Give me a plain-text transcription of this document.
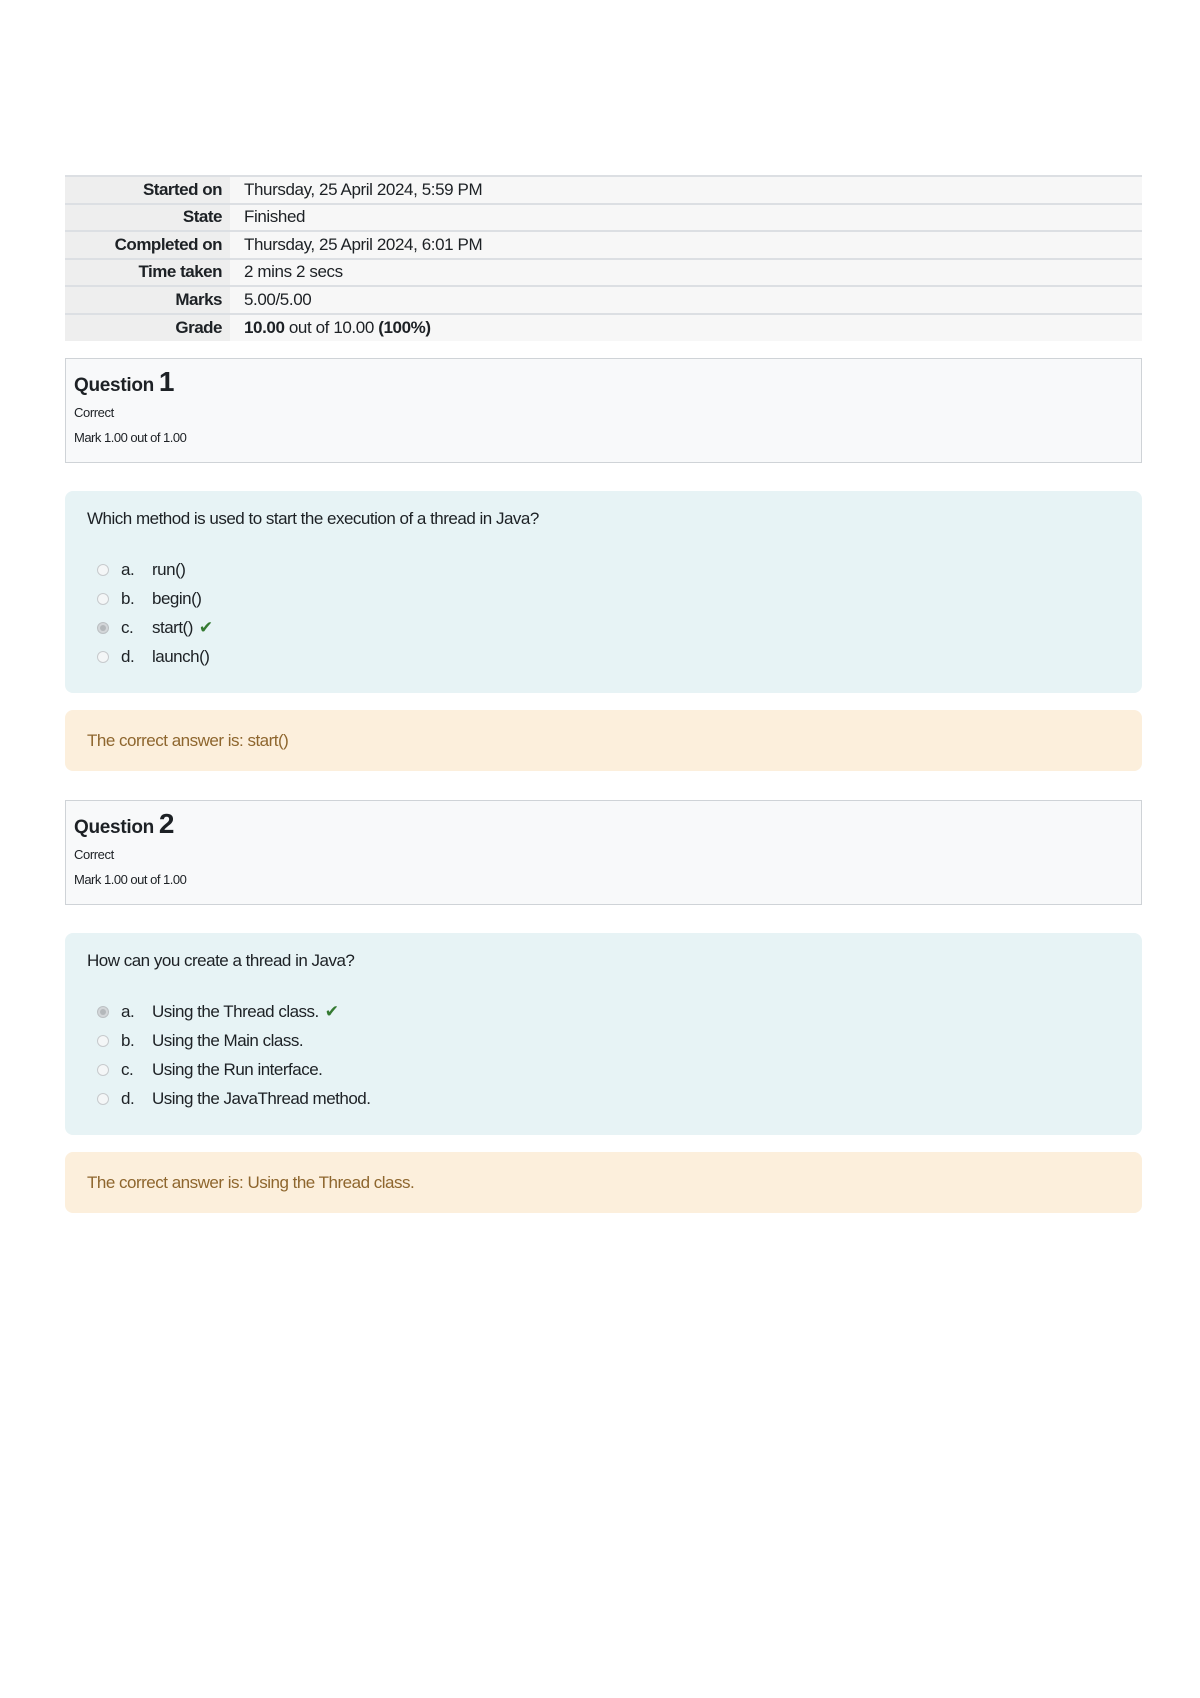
Started on	Thursday, 25 April 2024, 5:59 PM
State	Finished
Completed on	Thursday, 25 April 2024, 6:01 PM
Time taken	2 mins 2 secs
Marks	5.00/5.00
Grade	10.00 out of 10.00 (100%)
Question 1
Correct
Mark 1.00 out of 1.00
Which method is used to start the execution of a thread in Java?
a.	run()
b.	begin()
c.	start() ✔
d.	launch()
The correct answer is: start()
Question 2
Correct
Mark 1.00 out of 1.00
How can you create a thread in Java?
a.	Using the Thread class. ✔
b.	Using the Main class.
c.	Using the Run interface.
d.	Using the JavaThread method.
The correct answer is: Using the Thread class.
